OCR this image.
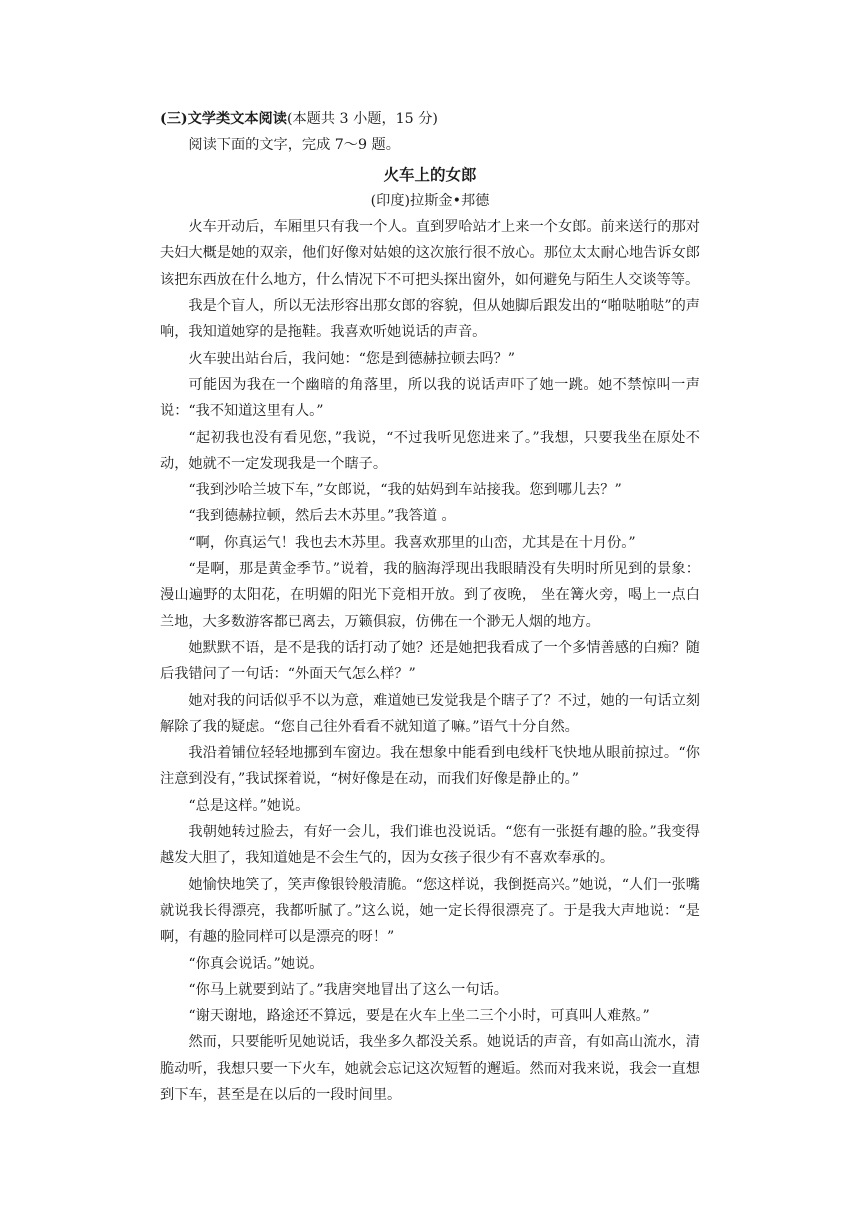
(三)文学类文本阅读(本题共 3 小题，15 分)

阅读下面的文字，完成 7～9 题。

火车上的女郎

(印度)拉斯金•邦德

火车开动后，车厢里只有我一个人。直到罗哈站才上来一个女郎。前来送行的那对夫妇大概是她的双亲，他们好像对姑娘的这次旅行很不放心。那位太太耐心地告诉女郎该把东西放在什么地方，什么情况下不可把头探出窗外，如何避免与陌生人交谈等等。

我是个盲人，所以无法形容出那女郎的容貌，但从她脚后跟发出的“啪哒啪哒”的声响，我知道她穿的是拖鞋。我喜欢听她说话的声音。

火车驶出站台后，我问她：“您是到德赫拉顿去吗？”

可能因为我在一个幽暗的角落里，所以我的说话声吓了她一跳。她不禁惊叫一声说：“我不知道这里有人。”

“起初我也没有看见您，”我说，“不过我听见您进来了。”我想，只要我坐在原处不动，她就不一定发现我是一个瞎子。

“我到沙哈兰坡下车，”女郎说，“我的姑妈到车站接我。您到哪儿去？”

“我到德赫拉顿，然后去木苏里。”我答道 。

“啊，你真运气！我也去木苏里。我喜欢那里的山峦，尤其是在十月份。”

“是啊，那是黄金季节。”说着，我的脑海浮现出我眼睛没有失明时所见到的景象：漫山遍野的太阳花，在明媚的阳光下竞相开放。到了夜晚， 坐在篝火旁，喝上一点白兰地，大多数游客都已离去，万籁俱寂，仿佛在一个渺无人烟的地方。

她默默不语，是不是我的话打动了她？还是她把我看成了一个多情善感的白痴？随后我错问了一句话：“外面天气怎么样？”

她对我的问话似乎不以为意，难道她已发觉我是个瞎子了？不过，她的一句话立刻解除了我的疑虑。“您自己往外看看不就知道了嘛。”语气十分自然。

我沿着铺位轻轻地挪到车窗边。我在想象中能看到电线杆飞快地从眼前掠过。“你注意到没有，”我试探着说，“树好像是在动，而我们好像是静止的。”

“总是这样。”她说。

我朝她转过脸去，有好一会儿，我们谁也没说话。“您有一张挺有趣的脸。”我变得越发大胆了，我知道她是不会生气的，因为女孩子很少有不喜欢奉承的。

她愉快地笑了，笑声像银铃般清脆。“您这样说，我倒挺高兴。”她说，“人们一张嘴就说我长得漂亮，我都听腻了。”这么说，她一定长得很漂亮了。于是我大声地说：“是啊，有趣的脸同样可以是漂亮的呀！”

“你真会说话。”她说。

“你马上就要到站了。”我唐突地冒出了这么一句话。

“谢天谢地，路途还不算远，要是在火车上坐二三个小时，可真叫人难熬。”

然而，只要能听见她说话，我坐多久都没关系。她说话的声音，有如高山流水，清脆动听，我想只要一下火车，她就会忘记这次短暂的邂逅。然而对我来说，我会一直想到下车，甚至是在以后的一段时间里。
